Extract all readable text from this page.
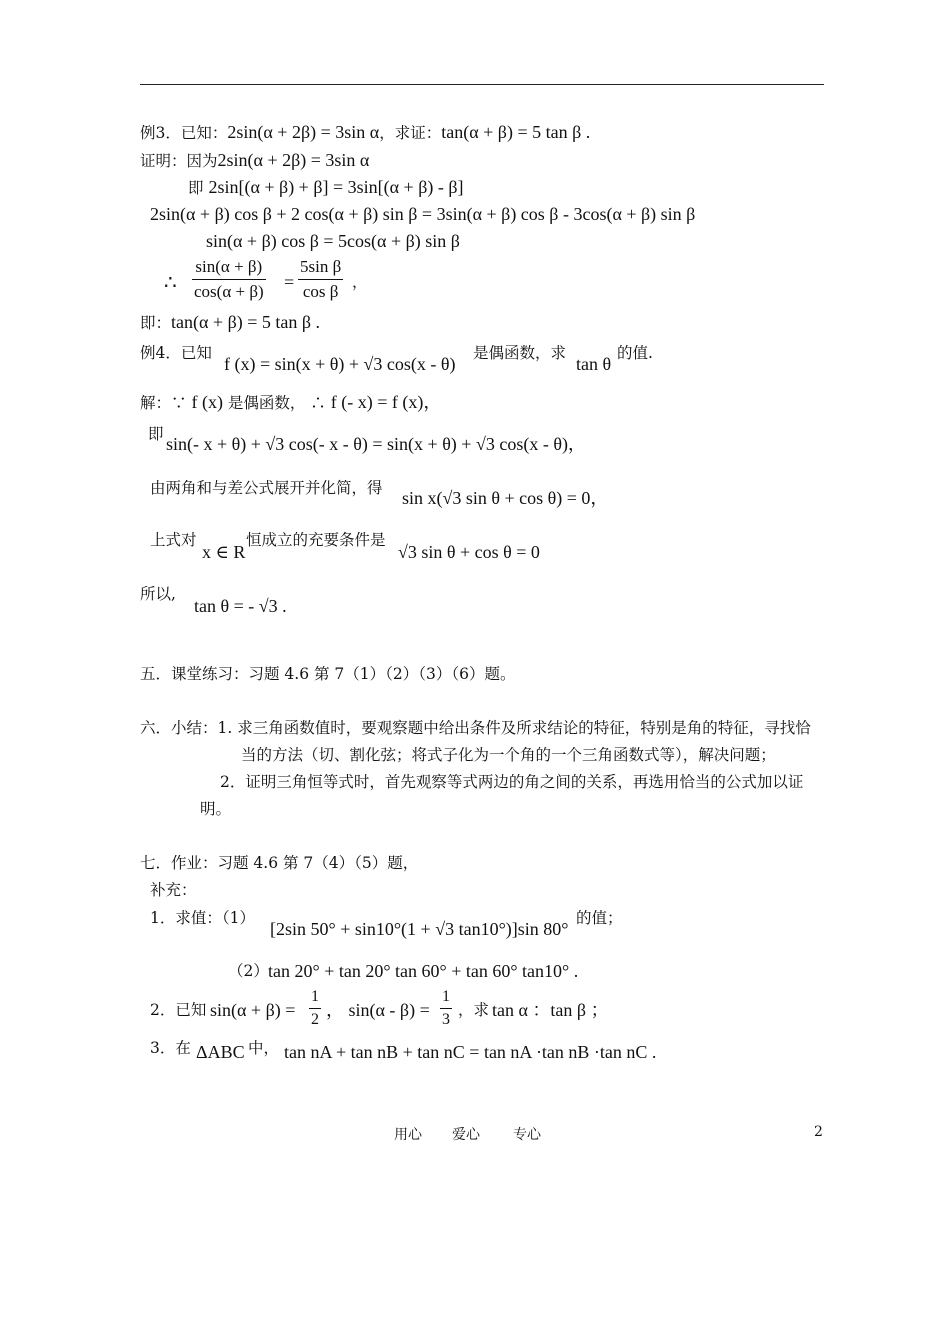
例3．已知：2sin(α + 2β) = 3sin α，求证：tan(α + β) = 5 tan β .
证明：因为2sin(α + 2β) = 3sin α
即 2sin[(α + β) + β] = 3sin[(α + β) - β]
2sin(α + β) cos β + 2 cos(α + β) sin β = 3sin(α + β) cos β - 3cos(α + β) sin β
sin(α + β) cos β = 5cos(α + β) sin β
∴
sin(α + β)
cos(α + β) =
5sin β
cos β ，
即：tan(α + β) = 5 tan β .
例4．已知
f (x) = sin(x + θ) + √3 cos(x - θ)
是偶函数，求
tan θ
的值.
解：∵ f (x) 是偶函数， ∴ f (- x) = f (x)，
即 sin(- x + θ) + √3 cos(- x - θ) = sin(x + θ) + √3 cos(x - θ)，
由两角和与差公式展开并化简，得 sin x(√3 sin θ + cos θ) = 0，
上式对
x ∈ R
恒成立的充要条件是
√3 sin θ + cos θ = 0
所以,
tan θ = - √3 .
五．课堂练习：习题 4.6 第 7（1）（2）（3）（6）题。
六．小结：1. 求三角函数值时，要观察题中给出条件及所求结论的特征，特别是角的特征，寻找恰
当的方法（切、割化弦；将式子化为一个角的一个三角函数式等），解决问题；
2．证明三角恒等式时，首先观察等式两边的角之间的关系，再选用恰当的公式加以证
明。
七．作业：习题 4.6 第 7（4）（5）题，
补充：
1．求值：（1）
[2sin 50° + sin10°(1 + √3 tan10°)]sin 80°
的值；
（2） tan 20° + tan 20° tan 60° + tan 60° tan10° .
2．已知 sin(α + β) =
1
2 ， sin(α - β) =
1
3
，求 tan α ：tan β ；
3．在 ΔABC 中， tan nA + tan nB + tan nC = tan nA ·tan nB ·tan nC .
用心 爱心 专心	2
